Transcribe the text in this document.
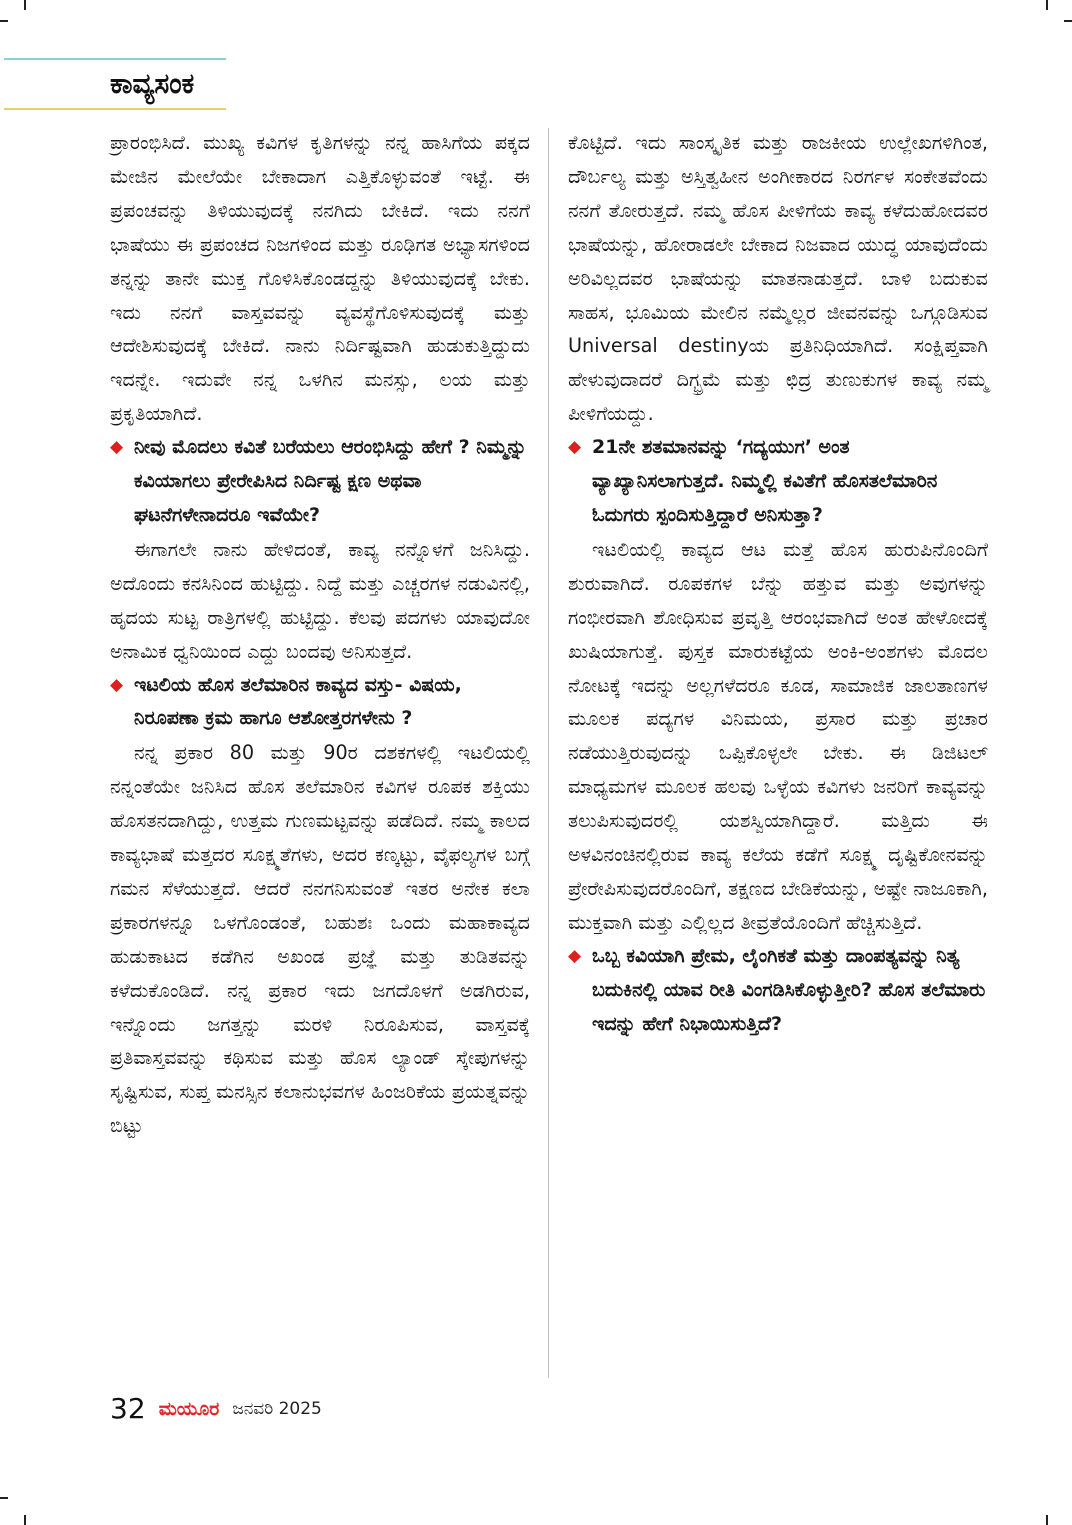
ಕಾವ್ಯಸಂಕ

ಪ್ರಾರಂಭಿಸಿದೆ. ಮುಖ್ಯ ಕವಿಗಳ ಕೃತಿಗಳನ್ನು ನನ್ನ ಹಾಸಿಗೆಯ ಪಕ್ಕದ ಮೇಜಿನ ಮೇಲೆಯೇ ಬೇಕಾದಾಗ ಎತ್ತಿಕೊಳ್ಳುವಂತೆ ಇಟ್ಟೆ. ಈ ಪ್ರಪಂಚವನ್ನು ತಿಳಿಯುವುದಕ್ಕೆ ನನಗಿದು ಬೇಕಿದೆ. ಇದು ನನಗೆ ಭಾಷೆಯು ಈ ಪ್ರಪಂಚದ ನಿಜಗಳಿಂದ ಮತ್ತು ರೂಢಿಗತ ಅಭ್ಯಾಸಗಳಿಂದ ತನ್ನನ್ನು ತಾನೇ ಮುಕ್ತ ಗೊಳಿಸಿಕೊಂಡದ್ದನ್ನು ತಿಳಿಯುವುದಕ್ಕೆ ಬೇಕು. ಇದು ನನಗೆ ವಾಸ್ತವವನ್ನು ವ್ಯವಸ್ಥೆಗೊಳಿಸುವುದಕ್ಕೆ ಮತ್ತು ಆದೇಶಿಸುವುದಕ್ಕೆ ಬೇಕಿದೆ. ನಾನು ನಿರ್ದಿಷ್ಟವಾಗಿ ಹುಡುಕುತ್ತಿದ್ದುದು ಇದನ್ನೇ. ಇದುವೇ ನನ್ನ ಒಳಗಿನ ಮನಸ್ಸು, ಲಯ ಮತ್ತು ಪ್ರಕೃತಿಯಾಗಿದೆ.

◆ ನೀವು ಮೊದಲು ಕವಿತೆ ಬರೆಯಲು ಆರಂಭಿಸಿದ್ದು ಹೇಗೆ ? ನಿಮ್ಮನ್ನು ಕವಿಯಾಗಲು ಪ್ರೇರೇಪಿಸಿದ ನಿರ್ದಿಷ್ಟ ಕ್ಷಣ ಅಥವಾ ಘಟನೆಗಳೇನಾದರೂ ಇವೆಯೇ?

ಈಗಾಗಲೇ ನಾನು ಹೇಳಿದಂತೆ, ಕಾವ್ಯ ನನ್ನೊಳಗೆ ಜನಿಸಿದ್ದು. ಅದೊಂದು ಕನಸಿನಿಂದ ಹುಟ್ಟಿದ್ದು. ನಿದ್ದೆ ಮತ್ತು ಎಚ್ಚರಗಳ ನಡುವಿನಲ್ಲಿ, ಹೃದಯ ಸುಟ್ಟ ರಾತ್ರಿಗಳಲ್ಲಿ ಹುಟ್ಟಿದ್ದು. ಕೆಲವು ಪದಗಳು ಯಾವುದೋ ಅನಾಮಿಕ ಧ್ವನಿಯಿಂದ ಎದ್ದು ಬಂದವು ಅನಿಸುತ್ತದೆ.

◆ ಇಟಲಿಯ ಹೊಸ ತಲೆಮಾರಿನ ಕಾವ್ಯದ ವಸ್ತು- ವಿಷಯ, ನಿರೂಪಣಾ ಕ್ರಮ ಹಾಗೂ ಆಶೋತ್ತರಗಳೇನು ?

ನನ್ನ ಪ್ರಕಾರ 80 ಮತ್ತು 90ರ ದಶಕಗಳಲ್ಲಿ ಇಟಲಿಯಲ್ಲಿ ನನ್ನಂತೆಯೇ ಜನಿಸಿದ ಹೊಸ ತಲೆಮಾರಿನ ಕವಿಗಳ ರೂಪಕ ಶಕ್ತಿಯು ಹೊಸತನದಾಗಿದ್ದು, ಉತ್ತಮ ಗುಣಮಟ್ಟವನ್ನು ಪಡೆದಿದೆ. ನಮ್ಮ ಕಾಲದ ಕಾವ್ಯಭಾಷೆ ಮತ್ತದರ ಸೂಕ್ಷ್ಮತೆಗಳು, ಅದರ ಕಣ್ಕಟ್ಟು, ವೈಫಲ್ಯಗಳ ಬಗ್ಗೆ ಗಮನ ಸೆಳೆಯುತ್ತದೆ. ಆದರೆ ನನಗನಿಸುವಂತೆ ಇತರ ಅನೇಕ ಕಲಾ ಪ್ರಕಾರಗಳನ್ನೂ ಒಳಗೊಂಡಂತೆ, ಬಹುಶಃ ಒಂದು ಮಹಾಕಾವ್ಯದ ಹುಡುಕಾಟದ ಕಡೆಗಿನ ಅಖಂಡ ಪ್ರಜ್ಞೆ ಮತ್ತು ತುಡಿತವನ್ನು ಕಳೆದುಕೊಂಡಿದೆ. ನನ್ನ ಪ್ರಕಾರ ಇದು ಜಗದೊಳಗೆ ಅಡಗಿರುವ, ಇನ್ನೊಂದು ಜಗತ್ತನ್ನು ಮರಳಿ ನಿರೂಪಿಸುವ, ವಾಸ್ತವಕ್ಕೆ ಪ್ರತಿವಾಸ್ತವವನ್ನು ಕಥಿಸುವ ಮತ್ತು ಹೊಸ ಲ್ಯಾಂಡ್ ಸ್ಕೇಪುಗಳನ್ನು ಸೃಷ್ಟಿಸುವ, ಸುಪ್ತ ಮನಸ್ಸಿನ ಕಲಾನುಭವಗಳ ಹಿಂಜರಿಕೆಯ ಪ್ರಯತ್ನವನ್ನು ಬಿಟ್ಟು

ಕೊಟ್ಟಿದೆ. ಇದು ಸಾಂಸ್ಕೃತಿಕ ಮತ್ತು ರಾಜಕೀಯ ಉಲ್ಲೇಖಗಳಿಗಿಂತ, ದೌರ್ಬಲ್ಯ ಮತ್ತು ಅಸ್ತಿತ್ವಹೀನ ಅಂಗೀಕಾರದ ನಿರರ್ಗಳ ಸಂಕೇತವೆಂದು ನನಗೆ ತೋರುತ್ತದೆ. ನಮ್ಮ ಹೊಸ ಪೀಳಿಗೆಯ ಕಾವ್ಯ ಕಳೆದುಹೋದವರ ಭಾಷೆಯನ್ನು, ಹೋರಾಡಲೇ ಬೇಕಾದ ನಿಜವಾದ ಯುದ್ಧ ಯಾವುದೆಂದು ಅರಿವಿಲ್ಲದವರ ಭಾಷೆಯನ್ನು ಮಾತನಾಡುತ್ತದೆ. ಬಾಳಿ ಬದುಕುವ ಸಾಹಸ, ಭೂಮಿಯ ಮೇಲಿನ ನಮ್ಮೆಲ್ಲರ ಜೀವನವನ್ನು ಒಗ್ಗೂಡಿಸುವ Universal destinyಯ ಪ್ರತಿನಿಧಿಯಾಗಿದೆ. ಸಂಕ್ಷಿಪ್ತವಾಗಿ ಹೇಳುವುದಾದರೆ ದಿಗ್ಭ್ರಮೆ ಮತ್ತು ಛಿದ್ರ ತುಣುಕುಗಳ ಕಾವ್ಯ ನಮ್ಮ ಪೀಳಿಗೆಯದ್ದು.

◆ 21ನೇ ಶತಮಾನವನ್ನು ‘ಗದ್ಯಯುಗ’ ಅಂತ ವ್ಯಾಖ್ಯಾನಿಸಲಾಗುತ್ತದೆ. ನಿಮ್ಮಲ್ಲಿ ಕವಿತೆಗೆ ಹೊಸತಲೆಮಾರಿನ ಓದುಗರು ಸ್ಪಂದಿಸುತ್ತಿದ್ದಾರೆ ಅನಿಸುತ್ತಾ?

ಇಟಲಿಯಲ್ಲಿ ಕಾವ್ಯದ ಆಟ ಮತ್ತೆ ಹೊಸ ಹುರುಪಿನೊಂದಿಗೆ ಶುರುವಾಗಿದೆ. ರೂಪಕಗಳ ಬೆನ್ನು ಹತ್ತುವ ಮತ್ತು ಅವುಗಳನ್ನು ಗಂಭೀರವಾಗಿ ಶೋಧಿಸುವ ಪ್ರವೃತ್ತಿ ಆರಂಭವಾಗಿದೆ ಅಂತ ಹೇಳೋದಕ್ಕೆ ಖುಷಿಯಾಗುತ್ತೆ. ಪುಸ್ತಕ ಮಾರುಕಟ್ಟೆಯ ಅಂಕಿ-ಅಂಶಗಳು ಮೊದಲ ನೋಟಕ್ಕೆ ಇದನ್ನು ಅಲ್ಲಗಳೆದರೂ ಕೂಡ, ಸಾಮಾಜಿಕ ಜಾಲತಾಣಗಳ ಮೂಲಕ ಪದ್ಯಗಳ ವಿನಿಮಯ, ಪ್ರಸಾರ ಮತ್ತು ಪ್ರಚಾರ ನಡೆಯುತ್ತಿರುವುದನ್ನು ಒಪ್ಪಿಕೊಳ್ಳಲೇ ಬೇಕು. ಈ ಡಿಜಿಟಲ್ ಮಾಧ್ಯಮಗಳ ಮೂಲಕ ಹಲವು ಒಳ್ಳೆಯ ಕವಿಗಳು ಜನರಿಗೆ ಕಾವ್ಯವನ್ನು ತಲುಪಿಸುವುದರಲ್ಲಿ ಯಶಸ್ವಿಯಾಗಿದ್ದಾರೆ. ಮತ್ತಿದು ಈ ಅಳವಿನಂಚಿನಲ್ಲಿರುವ ಕಾವ್ಯ ಕಲೆಯ ಕಡೆಗೆ ಸೂಕ್ಷ್ಮ ದೃಷ್ಟಿಕೋನವನ್ನು ಪ್ರೇರೇಪಿಸುವುದರೊಂದಿಗೆ, ತಕ್ಷಣದ ಬೇಡಿಕೆಯನ್ನು, ಅಷ್ಟೇ ನಾಜೂಕಾಗಿ, ಮುಕ್ತವಾಗಿ ಮತ್ತು ಎಲ್ಲಿಲ್ಲದ ತೀವ್ರತೆಯೊಂದಿಗೆ ಹೆಚ್ಚಿಸುತ್ತಿದೆ.

◆ ಒಬ್ಬ ಕವಿಯಾಗಿ ಪ್ರೇಮ, ಲೈಂಗಿಕತೆ ಮತ್ತು ದಾಂಪತ್ಯವನ್ನು ನಿತ್ಯ ಬದುಕಿನಲ್ಲಿ ಯಾವ ರೀತಿ ವಿಂಗಡಿಸಿಕೊಳ್ಳುತ್ತೀರಿ? ಹೊಸ ತಲೆಮಾರು ಇದನ್ನು ಹೇಗೆ ನಿಭಾಯಿಸುತ್ತಿದೆ?
32 ಮಯೂರ ಜನವರಿ 2025
